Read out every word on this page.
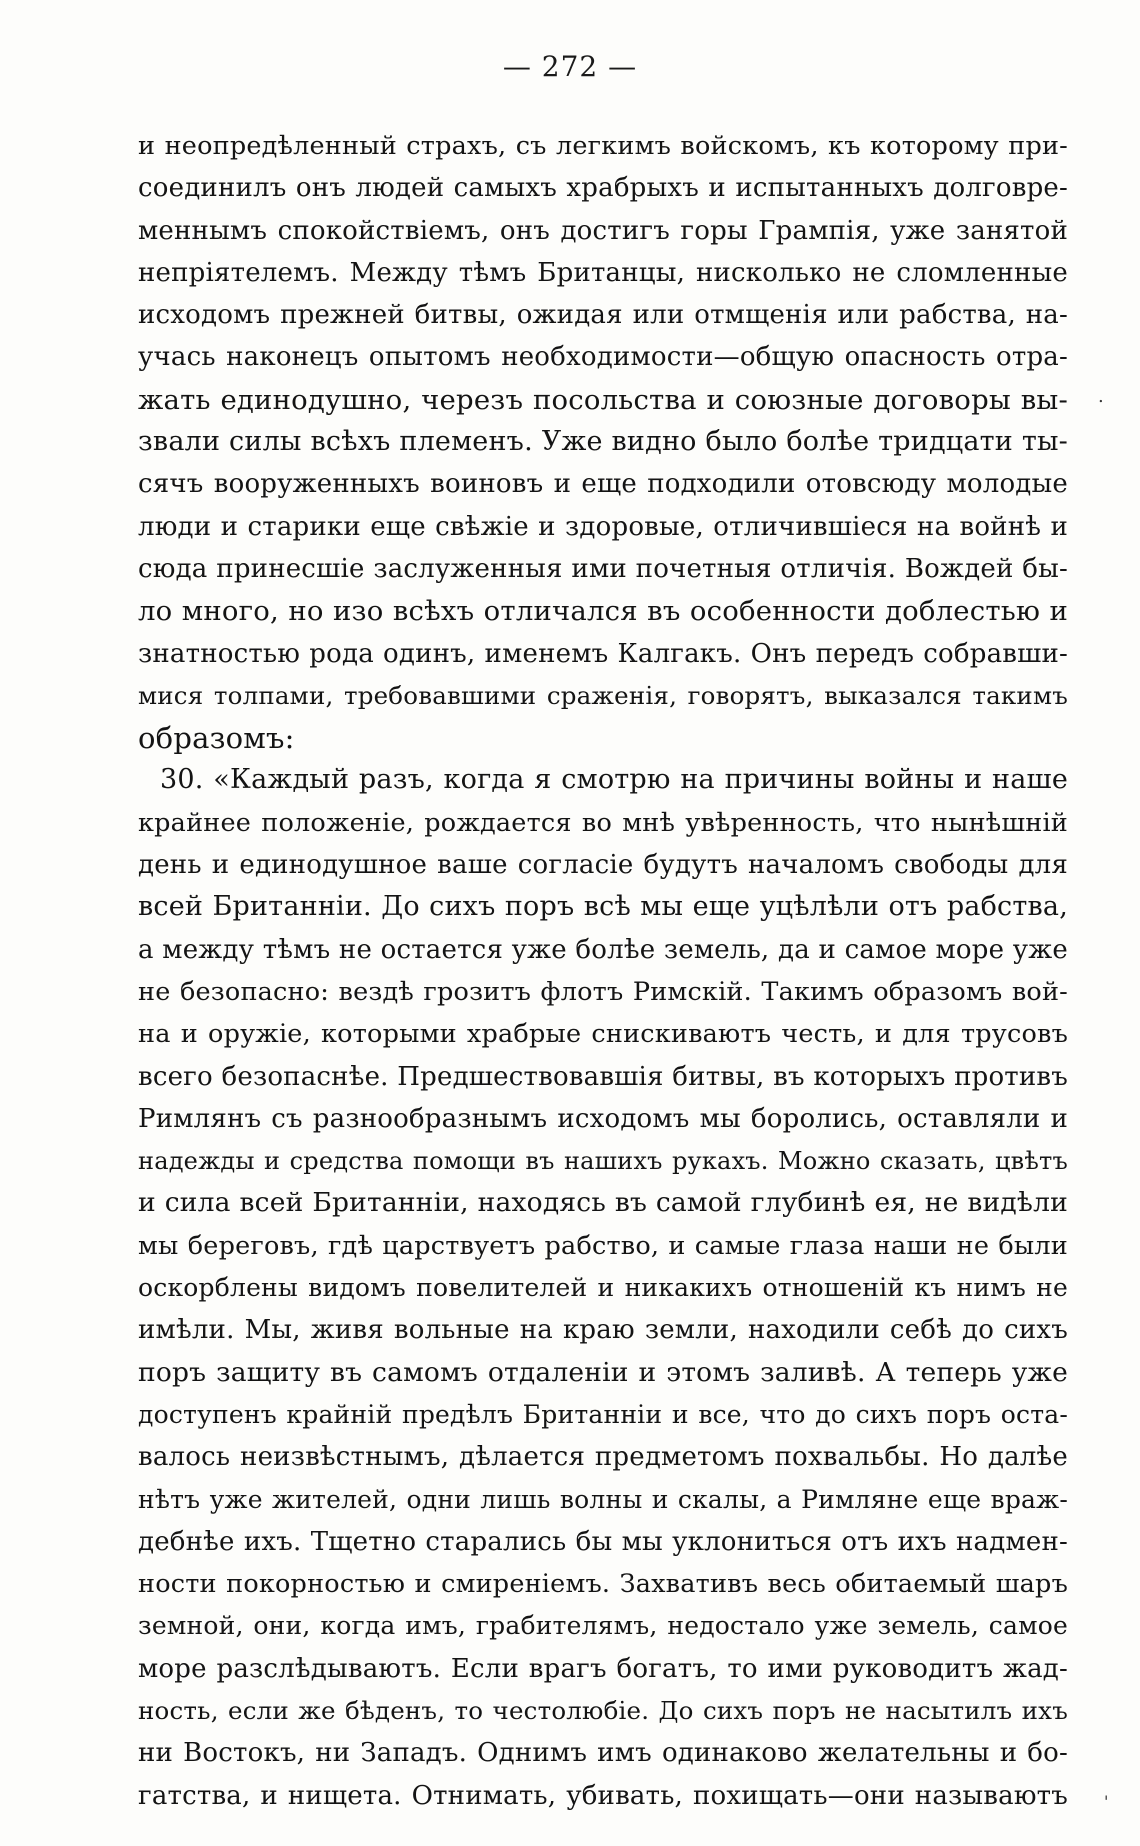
— 272 —
и неопредѣленный страхъ, съ легкимъ войскомъ, къ которому при-
соединилъ онъ людей самыхъ храбрыхъ и испытанныхъ долговре-
меннымъ спокойствіемъ, онъ достигъ горы Грампія, уже занятой
непріятелемъ. Между тѣмъ Британцы, нисколько не сломленные
исходомъ прежней битвы, ожидая или отмщенія или рабства, на-
учась наконецъ опытомъ необходимости—общую опасность отра-
жать единодушно, черезъ посольства и союзные договоры вы-
звали силы всѣхъ племенъ. Уже видно было болѣе тридцати ты-
сячъ вооруженныхъ воиновъ и еще подходили отовсюду молодые
люди и старики еще свѣжіе и здоровые, отличившіеся на войнѣ и
сюда принесшіе заслуженныя ими почетныя отличія. Вождей бы-
ло много, но изо всѣхъ отличался въ особенности доблестью и
знатностью рода одинъ, именемъ Калгакъ. Онъ передъ собравши-
мися толпами, требовавшими сраженія, говорятъ, выказался такимъ
образомъ:
30. «Каждый разъ, когда я смотрю на причины войны и наше
крайнее положеніе, рождается во мнѣ увѣренность, что нынѣшній
день и единодушное ваше согласіе будутъ началомъ свободы для
всей Британніи. До сихъ поръ всѣ мы еще уцѣлѣли отъ рабства,
а между тѣмъ не остается уже болѣе земель, да и самое море уже
не безопасно: вездѣ грозитъ флотъ Римскій. Такимъ образомъ вой-
на и оружіе, которыми храбрые снискиваютъ честь, и для трусовъ
всего безопаснѣе. Предшествовавшія битвы, въ которыхъ противъ
Римлянъ съ разнообразнымъ исходомъ мы боролись, оставляли и
надежды и средства помощи въ нашихъ рукахъ. Можно сказать, цвѣтъ
и сила всей Британніи, находясь въ самой глубинѣ ея, не видѣли
мы береговъ, гдѣ царствуетъ рабство, и самые глаза наши не были
оскорблены видомъ повелителей и никакихъ отношеній къ нимъ не
имѣли. Мы, живя вольные на краю земли, находили себѣ до сихъ
поръ защиту въ самомъ отдаленіи и этомъ заливѣ. А теперь уже
доступенъ крайній предѣлъ Британніи и все, что до сихъ поръ оста-
валось неизвѣстнымъ, дѣлается предметомъ похвальбы. Но далѣе
нѣтъ уже жителей, одни лишь волны и скалы, а Римляне еще враж-
дебнѣе ихъ. Тщетно старались бы мы уклониться отъ ихъ надмен-
ности покорностью и смиреніемъ. Захвативъ весь обитаемый шаръ
земной, они, когда имъ, грабителямъ, недостало уже земель, самое
море разслѣдываютъ. Если врагъ богатъ, то ими руководитъ жад-
ность, если же бѣденъ, то честолюбіе. До сихъ поръ не насытилъ ихъ
ни Востокъ, ни Западъ. Однимъ имъ одинаково желательны и бо-
гатства, и нищета. Отнимать, убивать, похищать—они называютъ
.
'
